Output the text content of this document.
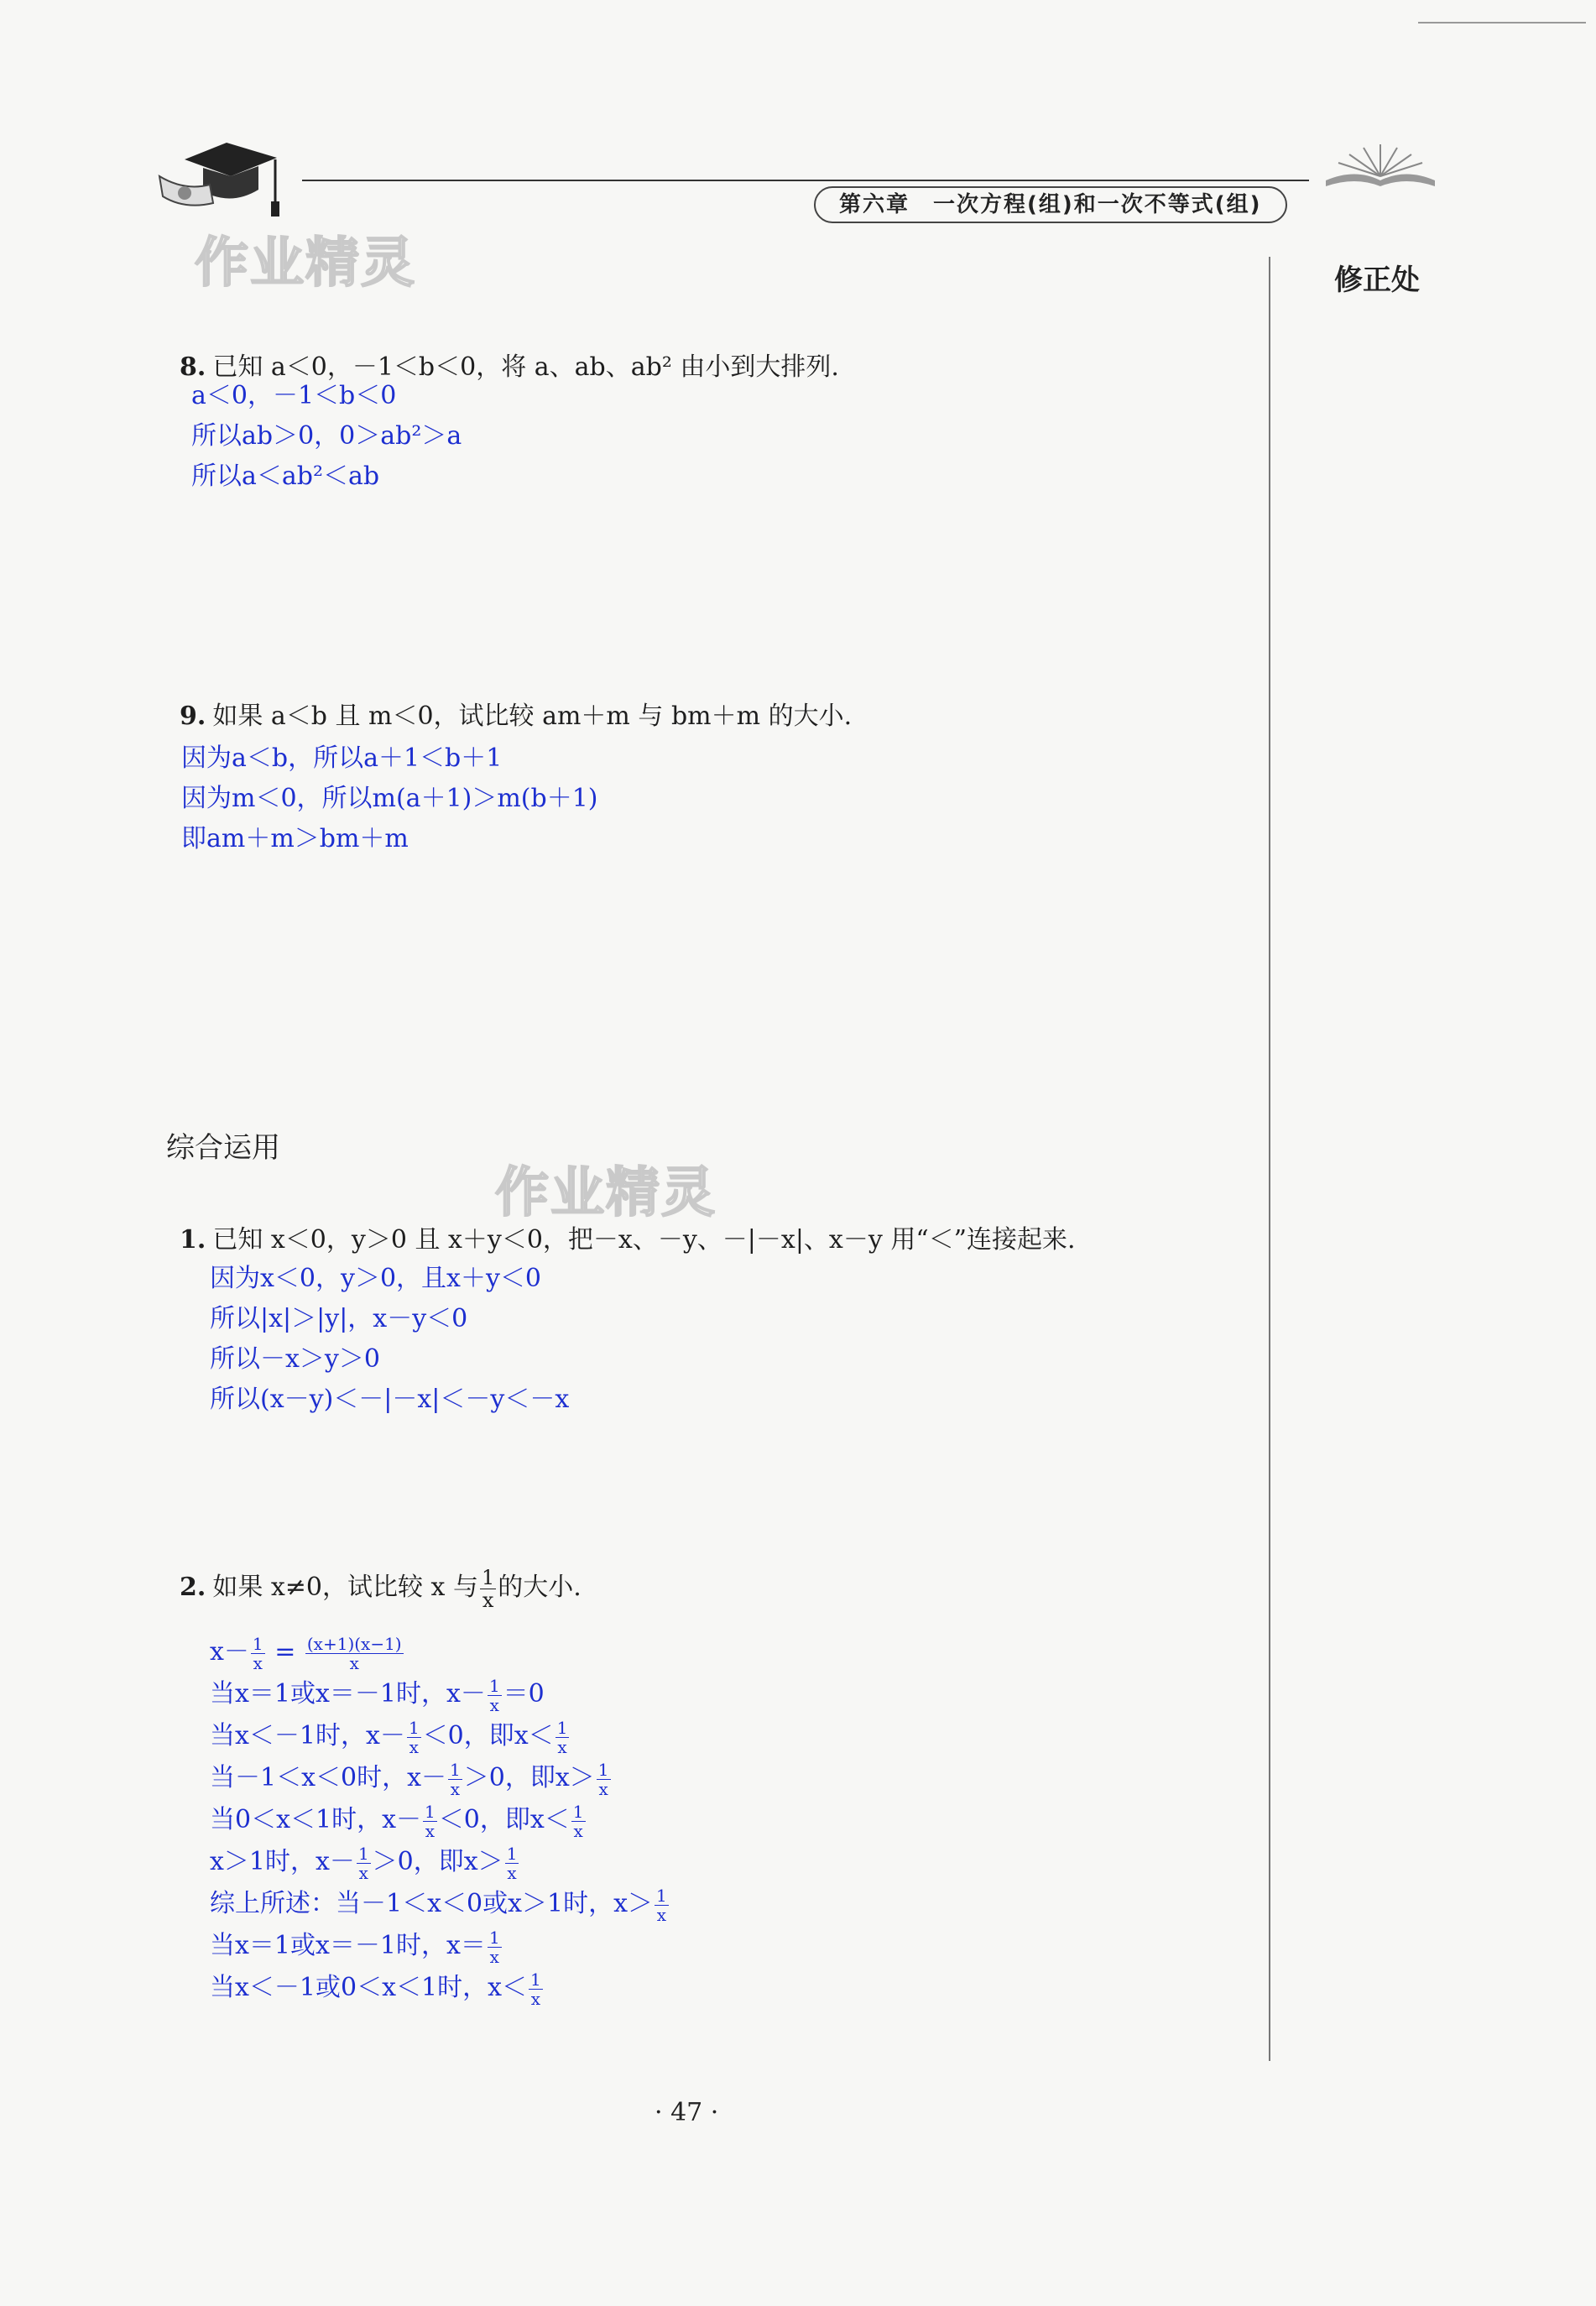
第六章　一次方程(组)和一次不等式(组)
作业精灵
作业精灵
修正处
8. 已知 a＜0，－1＜b＜0，将 a、ab、ab² 由小到大排列.
a＜0，－1＜b＜0
所以ab＞0，0＞ab²＞a
所以a＜ab²＜ab
9. 如果 a＜b 且 m＜0，试比较 am＋m 与 bm＋m 的大小.
因为a＜b，所以a＋1＜b＋1
因为m＜0，所以m(a＋1)＞m(b＋1)
即am＋m＞bm＋m
综合运用
1. 已知 x＜0，y＞0 且 x＋y＜0，把－x、－y、－|－x|、x－y 用“＜”连接起来.
因为x＜0，y＞0，且x＋y＜0
所以|x|＞|y|，x－y＜0
所以－x＞y＞0
所以(x－y)＜－|－x|＜－y＜－x
2. 如果 x≠0，试比较 x 与 $\frac{1}{x}$ 的大小.
$x- \frac{1}{x} = \frac{(x+1)(x-1)}{x}$
当x＝1或x＝－1时，$x- \frac{1}{x} =0$
当x＜－1时，$x- \frac{1}{x} <0$，即$x< \frac{1}{x}$
当－1＜x＜0时，$x- \frac{1}{x} >0$，即$x> \frac{1}{x}$
当0＜x＜1时，$x- \frac{1}{x} <0$，即$x< \frac{1}{x}$
x＞1时，$x- \frac{1}{x} >0$，即$x> \frac{1}{x}$
综上所述：当－1＜x＜0或x＞1时，$x> \frac{1}{x}$
当x＝1或x＝－1时，$x= \frac{1}{x}$
当x＜－1或0＜x＜1时，$x< \frac{1}{x}$
· 47 ·
